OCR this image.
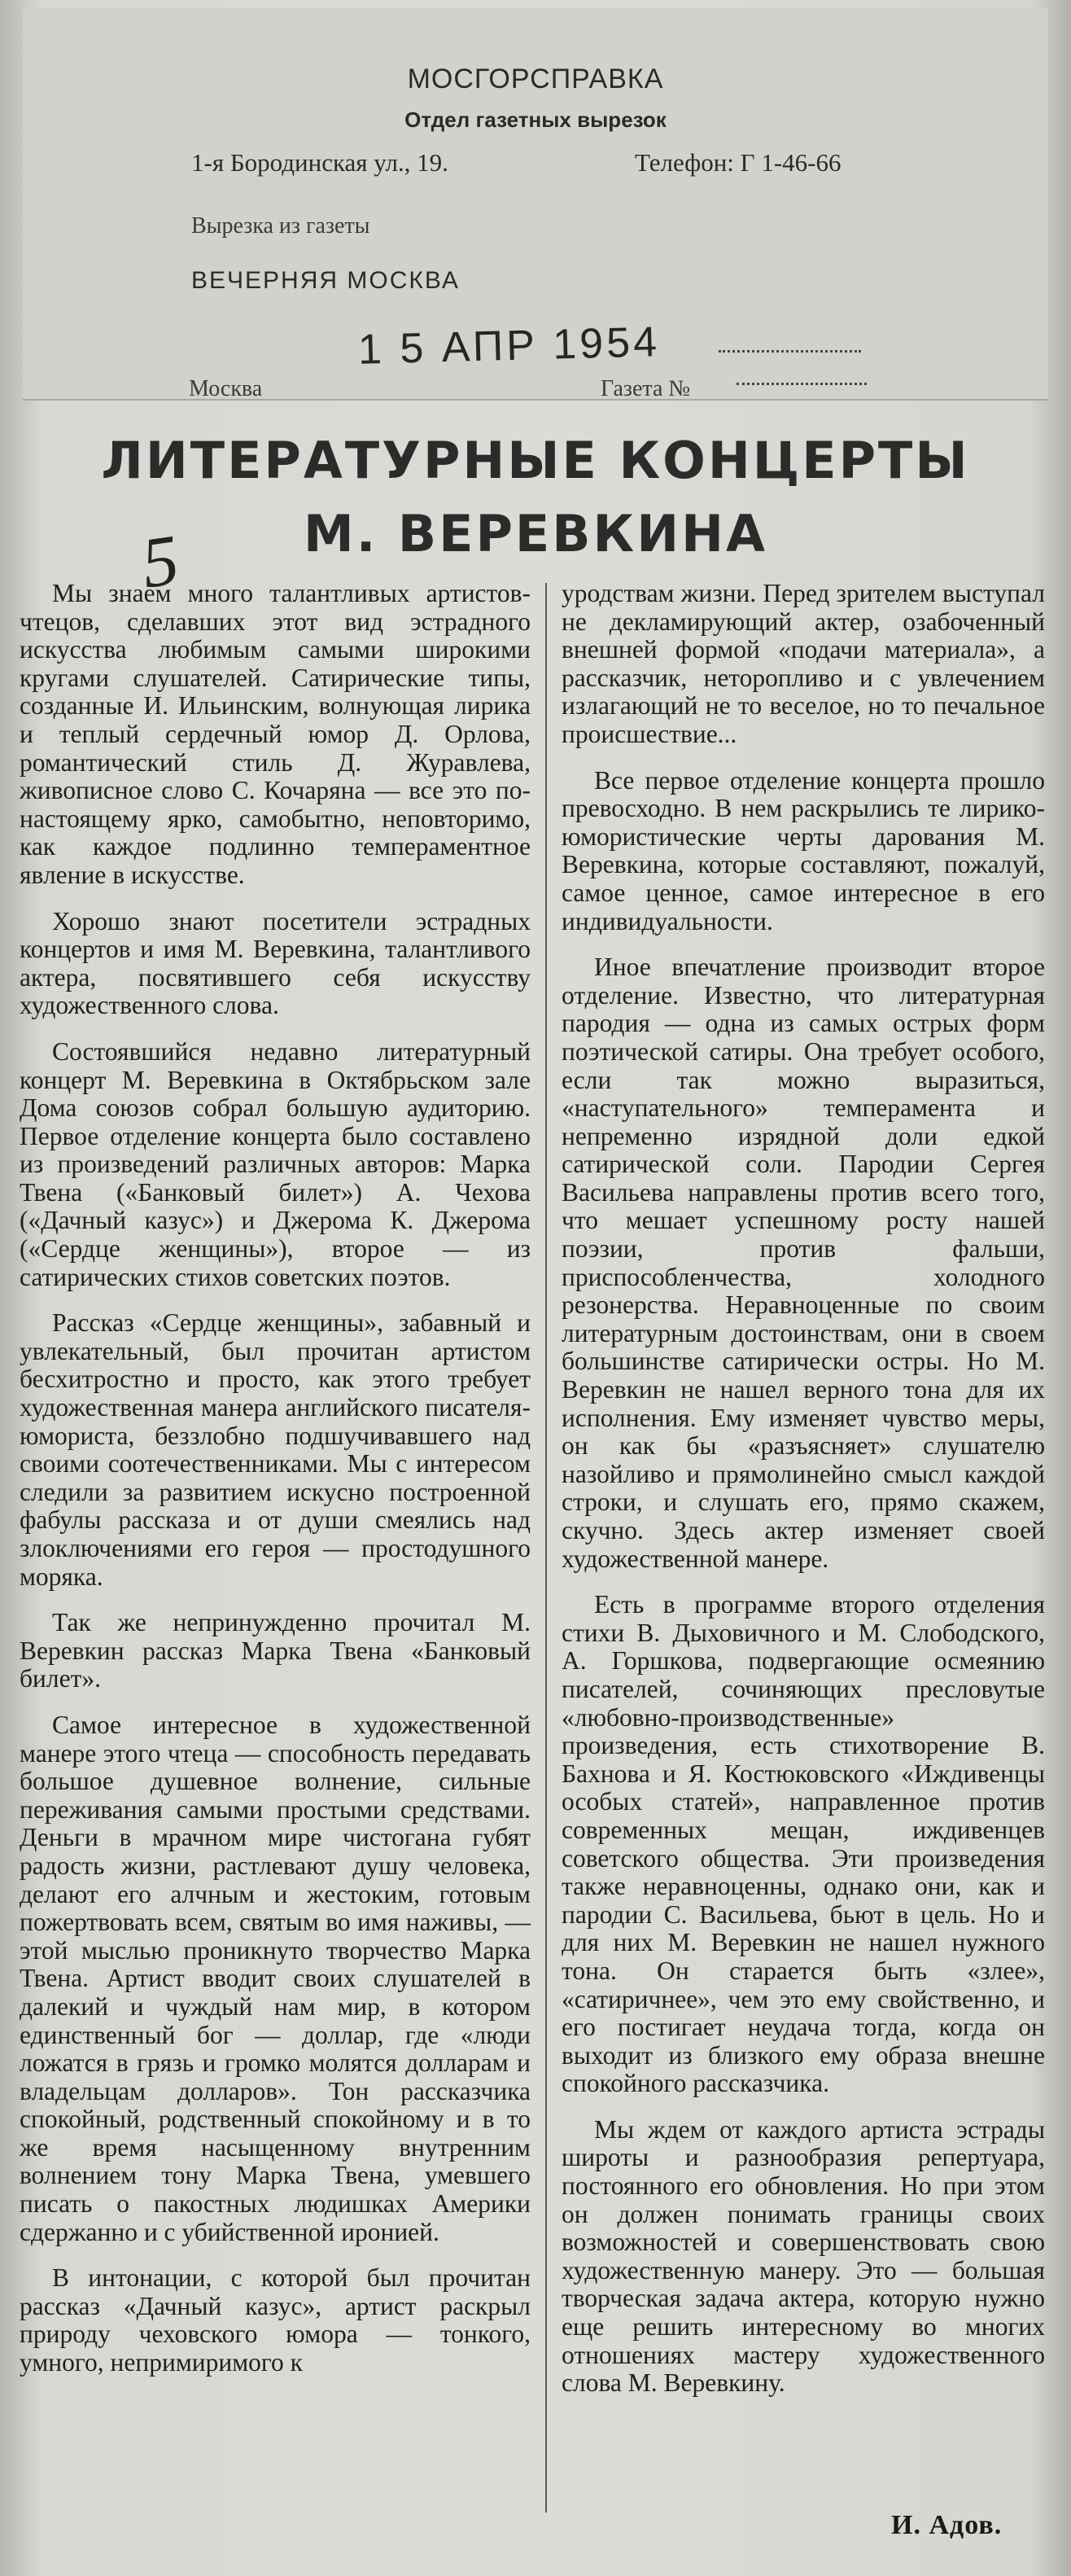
МОСГОРСПРАВКА
Отдел газетных вырезок
1-я Бородинская ул., 19.	Телефон: Г 1-46-66
Вырезка из газеты
ВЕЧЕРНЯЯ МОСКВА
1 5 АПР 1954
Москва	Газета №
ЛИТЕРАТУРНЫЕ КОНЦЕРТЫ
М. ВЕРЕВКИНА
5

Мы знаем много талантливых артистов-чтецов, сделавших этот вид эстрадного искусства любимым самыми широкими кругами слушателей. Сатирические типы, созданные И. Ильинским, волнующая лирика и теплый сердечный юмор Д. Орлова, романтический стиль Д. Журавлева, живописное слово С. Кочаряна — все это по-настоящему ярко, самобытно, неповторимо, как каждое подлинно темпераментное явление в искусстве.

Хорошо знают посетители эстрадных концертов и имя М. Веревкина, талантливого актера, посвятившего себя искусству художественного слова.

Состоявшийся недавно литературный концерт М. Веревкина в Октябрьском зале Дома союзов собрал большую аудиторию. Первое отделение концерта было составлено из произведений различных авторов: Марка Твена («Банковый билет») А. Чехова («Дачный казус») и Джерома К. Джерома («Сердце женщины»), второе — из сатирических стихов советских поэтов.

Рассказ «Сердце женщины», забавный и увлекательный, был прочитан артистом бесхитростно и просто, как этого требует художественная манера английского писателя-юмориста, беззлобно подшучивавшего над своими соотечественниками. Мы с интересом следили за развитием искусно построенной фабулы рассказа и от души смеялись над злоключениями его героя — простодушного моряка.

Так же непринужденно прочитал М. Веревкин рассказ Марка Твена «Банковый билет».

Самое интересное в художественной манере этого чтеца — способность передавать большое душевное волнение, сильные переживания самыми простыми средствами. Деньги в мрачном мире чистогана губят радость жизни, растлевают душу человека, делают его алчным и жестоким, готовым пожертвовать всем, святым во имя наживы, — этой мыслью проникнуто творчество Марка Твена. Артист вводит своих слушателей в далекий и чуждый нам мир, в котором единственный бог — доллар, где «люди ложатся в грязь и громко молятся долларам и владельцам долларов». Тон рассказчика спокойный, родственный спокойному и в то же время насыщенному внутренним волнением тону Марка Твена, умевшего писать о пакостных людишках Америки сдержанно и с убийственной иронией.

В интонации, с которой был прочитан рассказ «Дачный казус», артист раскрыл природу чеховского юмора — тонкого, умного, непримиримого к

уродствам жизни. Перед зрителем выступал не декламирующий актер, озабоченный внешней формой «подачи материала», а рассказчик, неторопливо и с увлечением излагающий не то веселое, но то печальное происшествие...

Все первое отделение концерта прошло превосходно. В нем раскрылись те лирико-юмористические черты дарования М. Веревкина, которые составляют, пожалуй, самое ценное, самое интересное в его индивидуальности.

Иное впечатление производит второе отделение. Известно, что литературная пародия — одна из самых острых форм поэтической сатиры. Она требует особого, если так можно выразиться, «наступательного» темперамента и непременно изрядной доли едкой сатирической соли. Пародии Сергея Васильева направлены против всего того, что мешает успешному росту нашей поэзии, против фальши, приспособленчества, холодного резонерства. Неравноценные по своим литературным достоинствам, они в своем большинстве сатирически остры. Но М. Веревкин не нашел верного тона для их исполнения. Ему изменяет чувство меры, он как бы «разъясняет» слушателю назойливо и прямолинейно смысл каждой строки, и слушать его, прямо скажем, скучно. Здесь актер изменяет своей художественной манере.

Есть в программе второго отделения стихи В. Дыховичного и М. Слободского, А. Горшкова, подвергающие осмеянию писателей, сочиняющих пресловутые «любовно-производственные» произведения, есть стихотворение В. Бахнова и Я. Костюковского «Иждивенцы особых статей», направленное против современных мещан, иждивенцев советского общества. Эти произведения также неравноценны, однако они, как и пародии С. Васильева, бьют в цель. Но и для них М. Веревкин не нашел нужного тона. Он старается быть «злее», «сатиричнее», чем это ему свойственно, и его постигает неудача тогда, когда он выходит из близкого ему образа внешне спокойного рассказчика.

Мы ждем от каждого артиста эстрады широты и разнообразия репертуара, постоянного его обновления. Но при этом он должен понимать границы своих возможностей и совершенствовать свою художественную манеру. Это — большая творческая задача актера, которую нужно еще решить интересному во многих отношениях мастеру художественного слова М. Веревкину.

И. Адов.
